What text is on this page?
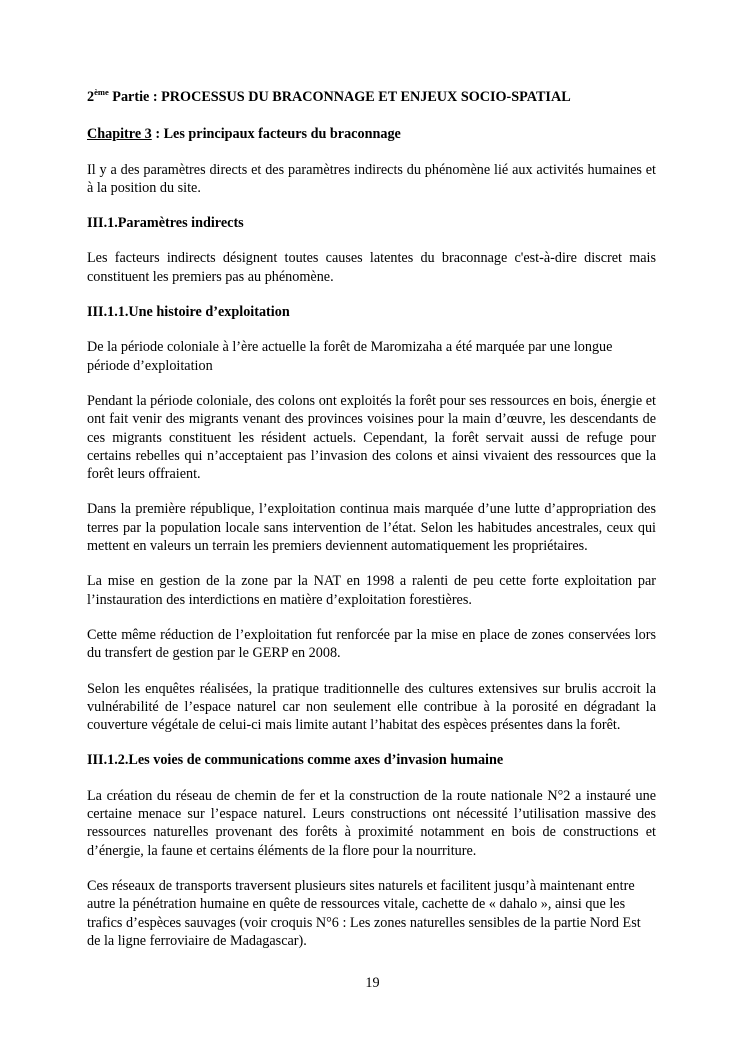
2ème Partie : PROCESSUS DU BRACONNAGE ET ENJEUX SOCIO-SPATIAL
Chapitre 3 : Les principaux facteurs du braconnage

Il y a des paramètres directs et des paramètres indirects du phénomène lié aux activités humaines et à la position du site.

III.1.Paramètres indirects

Les facteurs indirects désignent toutes causes latentes du braconnage c'est-à-dire discret mais constituent les premiers pas au phénomène.

III.1.1.Une histoire d’exploitation

De la période coloniale à l’ère actuelle la forêt de Maromizaha a été marquée par une longue période d’exploitation

Pendant la période coloniale, des colons ont exploités la forêt pour ses ressources en bois, énergie et ont fait venir des migrants venant des provinces voisines pour la main d’œuvre, les descendants de ces migrants constituent les résident actuels. Cependant, la forêt servait aussi de refuge pour certains rebelles qui n’acceptaient pas l’invasion des colons et ainsi vivaient des ressources que la forêt leurs offraient.

Dans la première république, l’exploitation continua mais marquée d’une lutte d’appropriation des terres par la population locale sans intervention de l’état. Selon les habitudes ancestrales, ceux qui mettent en valeurs un terrain les premiers deviennent automatiquement les propriétaires.

La mise en gestion de la zone par la NAT en 1998 a ralenti de peu cette forte exploitation par l’instauration des interdictions en matière d’exploitation forestières.

Cette même réduction de l’exploitation fut renforcée par la mise en place de zones conservées lors du transfert de gestion par le GERP en 2008.

Selon les enquêtes réalisées, la pratique traditionnelle des cultures extensives sur brulis accroit la vulnérabilité de l’espace naturel car non seulement elle contribue à la porosité en dégradant la couverture végétale de celui-ci mais limite autant l’habitat des espèces présentes dans la forêt.

III.1.2.Les voies de communications comme axes d’invasion humaine

La création du réseau de chemin de fer et la construction de la route nationale N°2 a instauré une certaine menace sur l’espace naturel. Leurs constructions ont nécessité l’utilisation massive des ressources naturelles provenant des forêts à proximité notamment en bois de constructions et d’énergie, la faune et certains éléments de la flore pour la nourriture.

Ces réseaux de transports traversent plusieurs sites naturels et facilitent jusqu’à maintenant entre autre la pénétration humaine en quête de ressources vitale, cachette de « dahalo », ainsi que les trafics d’espèces sauvages (voir croquis N°6 : Les zones naturelles sensibles de la partie Nord Est de la ligne ferroviaire de Madagascar).

19
